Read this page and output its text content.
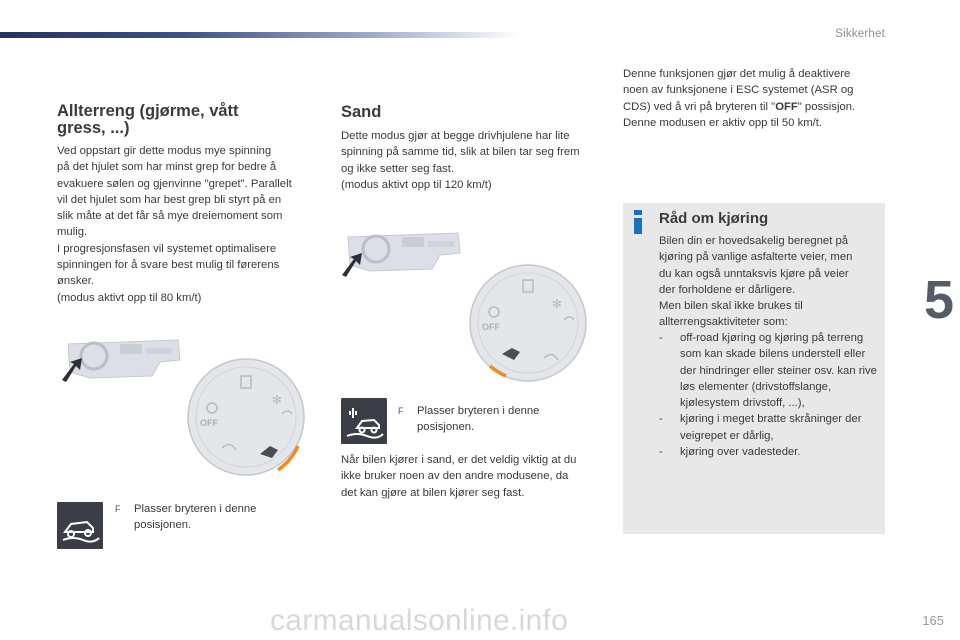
Sikkerhet
5
Allterreng (gjørme, vått
gress, ...)
Ved oppstart gir dette modus mye spinning
på det hjulet som har minst grep for bedre å
evakuere sølen og gjenvinne "grepet". Parallelt
vil det hjulet som har best grep bli styrt på en
slik måte at det får så mye dreiemoment som
mulig.
I progresjonsfasen vil systemet optimalisere
spinningen for å svare best mulig til førerens
ønsker.
(modus aktivt opp til 80 km/t)
OFF
✻
F	Plasser bryteren i denne
posisjonen.
Sand
Dette modus gjør at begge drivhjulene har lite
spinning på samme tid, slik at bilen tar seg frem
og ikke setter seg fast.
(modus aktivt opp til 120 km/t)
OFF
✻
F	Plasser bryteren i denne
posisjonen.
Når bilen kjører i sand, er det veldig viktig at du
ikke bruker noen av den andre modusene, da
det kan gjøre at bilen kjører seg fast.
Denne funksjonen gjør det mulig å deaktivere
noen av funksjonene i ESC systemet (ASR og
CDS) ved å vri på bryteren til "OFF" possisjon.
Denne modusen er aktiv opp til 50 km/t.
Råd om kjøring
Bilen din er hovedsakelig beregnet på
kjøring på vanlige asfalterte veier, men
du kan også unntaksvis kjøre på veier
der forholdene er dårligere.
Men bilen skal ikke brukes til
allterrengsaktiviteter som:
- off-road kjøring og kjøring på terreng som kan skade bilens understell eller der hindringer eller steiner osv. kan rive løs elementer (drivstoffslange, kjølesystem drivstoff, ...),
- kjøring i meget bratte skråninger der veigrepet er dårlig,
- kjøring over vadesteder.
carmanualsonline.info	165
